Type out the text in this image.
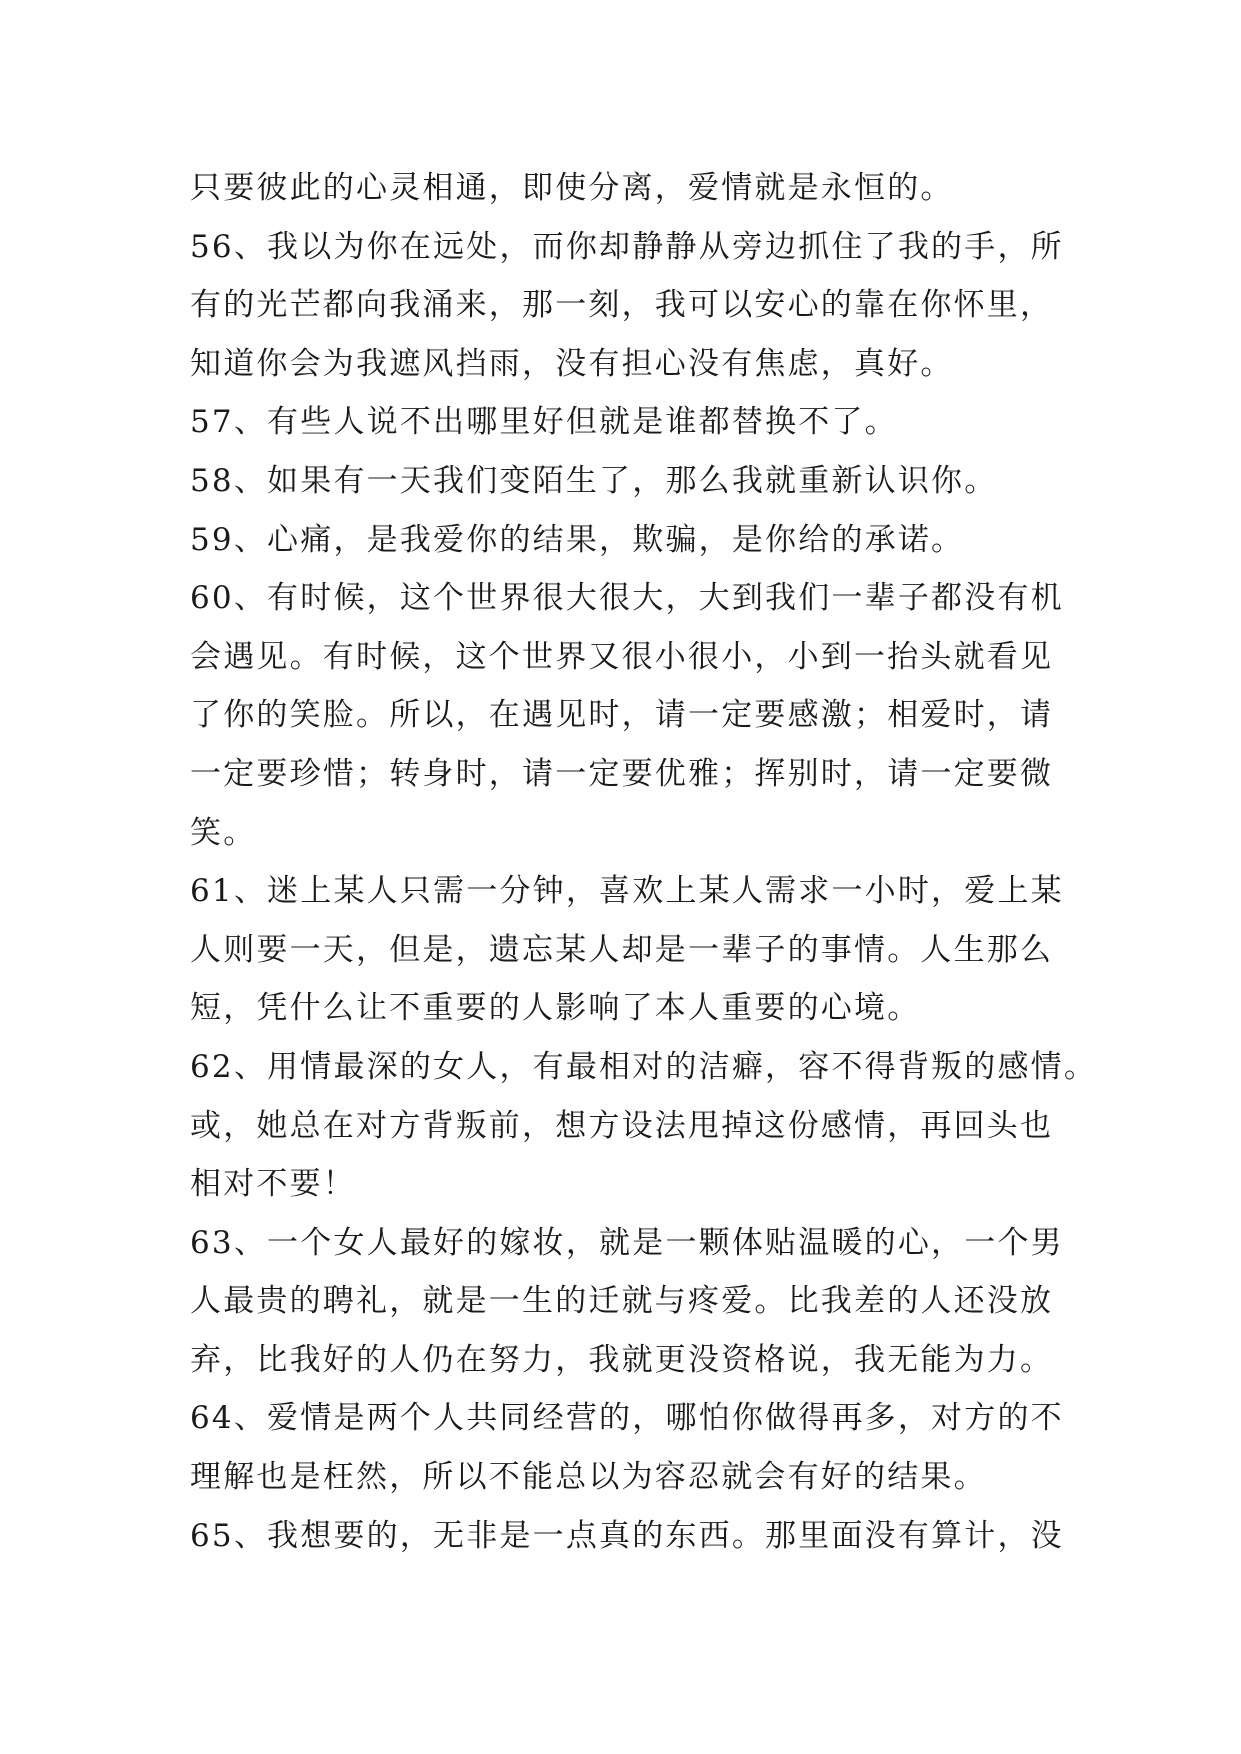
只要彼此的心灵相通，即使分离，爱情就是永恒的。
56、我以为你在远处，而你却静静从旁边抓住了我的手，所
有的光芒都向我涌来，那一刻，我可以安心的靠在你怀里，
知道你会为我遮风挡雨，没有担心没有焦虑，真好。
57、有些人说不出哪里好但就是谁都替换不了。
58、如果有一天我们变陌生了，那么我就重新认识你。
59、心痛，是我爱你的结果，欺骗，是你给的承诺。
60、有时候，这个世界很大很大，大到我们一辈子都没有机
会遇见。有时候，这个世界又很小很小，小到一抬头就看见
了你的笑脸。所以，在遇见时，请一定要感激；相爱时，请
一定要珍惜；转身时，请一定要优雅；挥别时，请一定要微
笑。
61、迷上某人只需一分钟，喜欢上某人需求一小时，爱上某
人则要一天，但是，遗忘某人却是一辈子的事情。人生那么
短，凭什么让不重要的人影响了本人重要的心境。
62、用情最深的女人，有最相对的洁癖，容不得背叛的感情。
或，她总在对方背叛前，想方设法甩掉这份感情，再回头也
相对不要！
63、一个女人最好的嫁妆，就是一颗体贴温暖的心，一个男
人最贵的聘礼，就是一生的迁就与疼爱。比我差的人还没放
弃，比我好的人仍在努力，我就更没资格说，我无能为力。
64、爱情是两个人共同经营的，哪怕你做得再多，对方的不
理解也是枉然，所以不能总以为容忍就会有好的结果。
65、我想要的，无非是一点真的东西。那里面没有算计，没
